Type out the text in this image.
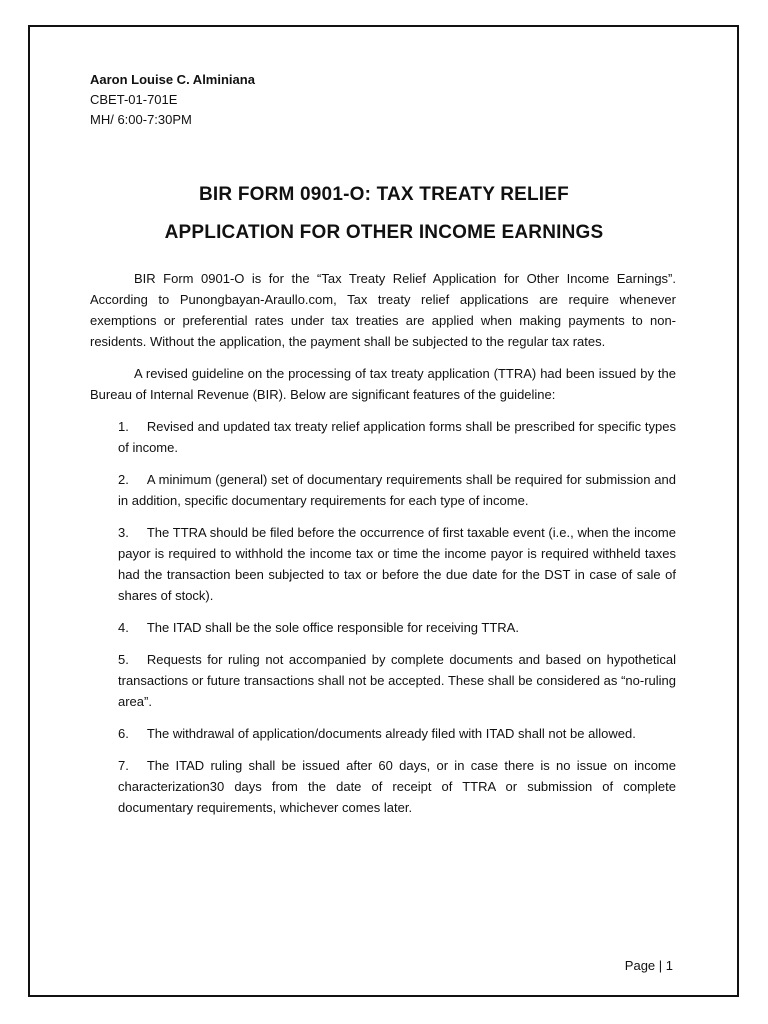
Aaron Louise C. Alminiana
CBET-01-701E
MH/ 6:00-7:30PM
BIR FORM 0901-O: TAX TREATY RELIEF
APPLICATION FOR OTHER INCOME EARNINGS

BIR Form 0901-O is for the “Tax Treaty Relief Application for Other Income Earnings”. According to Punongbayan-Araullo.com, Tax treaty relief applications are require whenever exemptions or preferential rates under tax treaties are applied when making payments to non-residents. Without the application, the payment shall be subjected to the regular tax rates.

A revised guideline on the processing of tax treaty application (TTRA) had been issued by the Bureau of Internal Revenue (BIR). Below are significant features of the guideline:

1. Revised and updated tax treaty relief application forms shall be prescribed for specific types of income.
2. A minimum (general) set of documentary requirements shall be required for submission and in addition, specific documentary requirements for each type of income.
3. The TTRA should be filed before the occurrence of first taxable event (i.e., when the income payor is required to withhold the income tax or time the income payor is required withheld taxes had the transaction been subjected to tax or before the due date for the DST in case of sale of shares of stock).
4. The ITAD shall be the sole office responsible for receiving TTRA.
5. Requests for ruling not accompanied by complete documents and based on hypothetical transactions or future transactions shall not be accepted. These shall be considered as “no-ruling area”.
6. The withdrawal of application/documents already filed with ITAD shall not be allowed.
7. The ITAD ruling shall be issued after 60 days, or in case there is no issue on income characterization30 days from the date of receipt of TTRA or submission of complete documentary requirements, whichever comes later.
Page | 1
